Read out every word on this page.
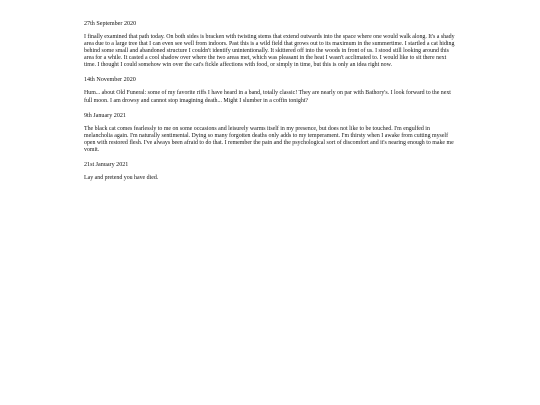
27th September 2020

I finally examined that path today. On both sides is bracken with twisting stems that extend outwards into the space where one would walk along. It's a shady area due to a large tree that I can even see well from indoors. Past this is a wild field that grows out to its maximum in the summertime. I startled a cat hiding behind some small and abandoned structure I couldn't identify unintentionally. It skittered off into the woods in front of us. I stood still looking around this area for a while. It casted a cool shadow over where the two areas met, which was pleasant in the heat I wasn't acclimated to. I would like to sit there next time. I thought I could somehow win over the cat's fickle affections with food, or simply in time, but this is only an idea right now.

14th November 2020

Hum... about Old Funeral: some of my favorite riffs I have heard in a band, totally classic! They are nearly on par with Bathory's. I look forward to the next full moon. I am drowsy and cannot stop imagining death... Might I slumber in a coffin tonight?

9th January 2021

The black cat comes fearlessly to me on some occasions and leisurely warms itself in my presence, but does not like to be touched. I'm engulfed in melancholia again. I'm naturally sentimental. Dying so many forgotten deaths only adds to my temperament. I'm thirsty when I awake from cutting myself open with restored flesh. I've always been afraid to do that. I remember the pain and the psychological sort of discomfort and it's nearing enough to make me vomit.

21st January 2021

Lay and pretend you have died.
